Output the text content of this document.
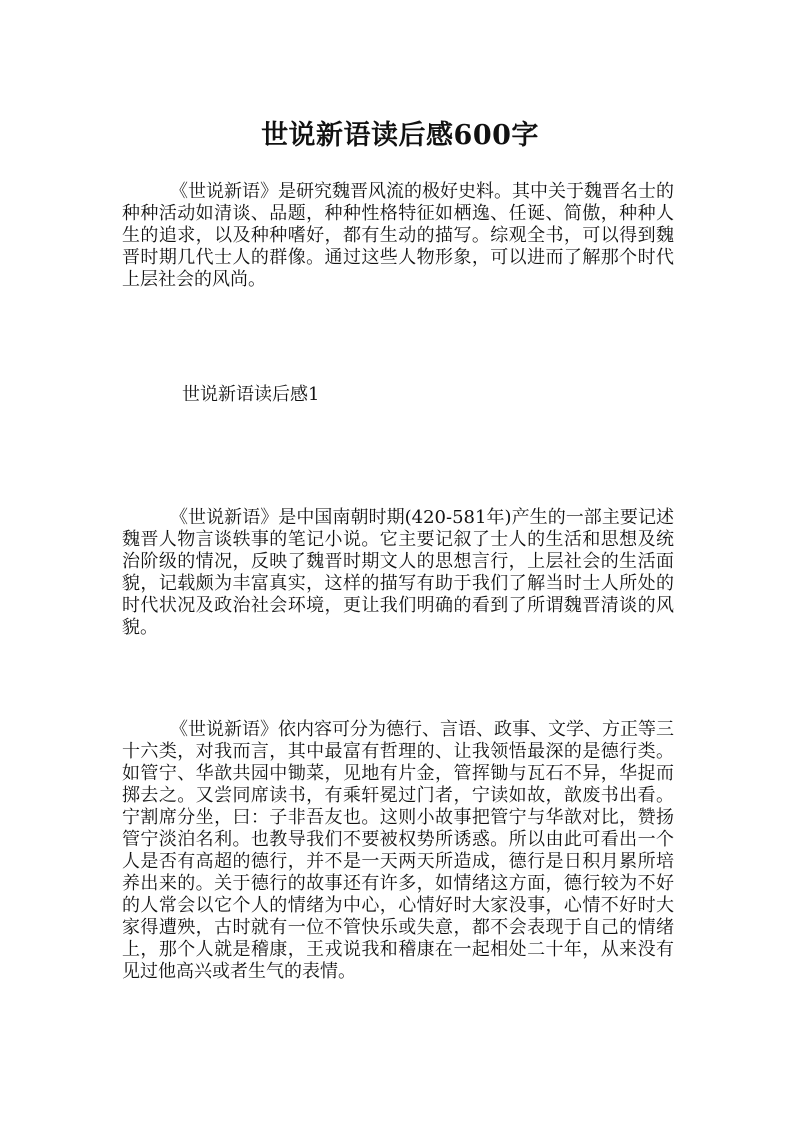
世说新语读后感600字

《世说新语》是研究魏晋风流的极好史料。其中关于魏晋名士的种种活动如清谈、品题，种种性格特征如栖逸、任诞、简傲，种种人生的追求，以及种种嗜好，都有生动的描写。综观全书，可以得到魏晋时期几代士人的群像。通过这些人物形象，可以进而了解那个时代上层社会的风尚。

世说新语读后感1

《世说新语》是中国南朝时期(420-581年)产生的一部主要记述魏晋人物言谈轶事的笔记小说。它主要记叙了士人的生活和思想及统治阶级的情况，反映了魏晋时期文人的思想言行，上层社会的生活面貌，记载颇为丰富真实，这样的描写有助于我们了解当时士人所处的时代状况及政治社会环境，更让我们明确的看到了所谓魏晋清谈的风貌。

《世说新语》依内容可分为德行、言语、政事、文学、方正等三十六类，对我而言，其中最富有哲理的、让我领悟最深的是德行类。如管宁、华歆共园中锄菜，见地有片金，管挥锄与瓦石不异，华捉而掷去之。又尝同席读书，有乘轩冕过门者，宁读如故，歆废书出看。宁割席分坐，曰：子非吾友也。这则小故事把管宁与华歆对比，赞扬管宁淡泊名利。也教导我们不要被权势所诱惑。所以由此可看出一个人是否有高超的德行，并不是一天两天所造成，德行是日积月累所培养出来的。关于德行的故事还有许多，如情绪这方面，德行较为不好的人常会以它个人的情绪为中心，心情好时大家没事，心情不好时大家得遭殃，古时就有一位不管快乐或失意，都不会表现于自己的情绪上，那个人就是稽康，王戎说我和稽康在一起相处二十年，从来没有见过他高兴或者生气的表情。
